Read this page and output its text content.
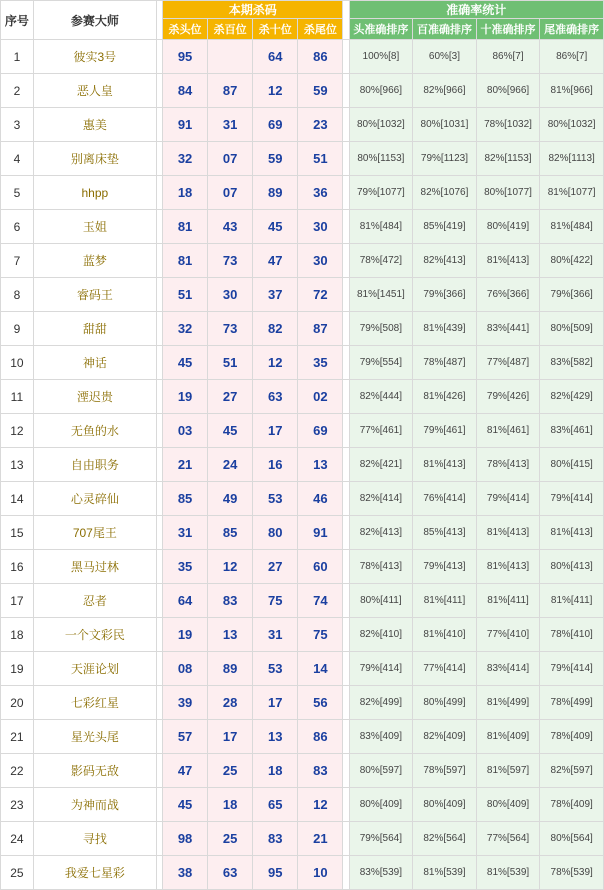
序号	参赛大师		本期杀码					准确率统计			
			杀头位	杀百位	杀十位	杀尾位		头准确排序	百准确排序	十准确排序	尾准确排序
1	彼实3号		95		64	86		100%[8]	60%[3]	86%[7]	86%[7]
2	恶人皇		84	87	12	59		80%[966]	82%[966]	80%[966]	81%[966]
3	惠美		91	31	69	23		80%[1032]	80%[1031]	78%[1032]	80%[1032]
4	别离床垫		32	07	59	51		80%[1153]	79%[1123]	82%[1153]	82%[1113]
5	hhpp		18	07	89	36		79%[1077]	82%[1076]	80%[1077]	81%[1077]
6	玉姐		81	43	45	30		81%[484]	85%[419]	80%[419]	81%[484]
7	蓝梦		81	73	47	30		78%[472]	82%[413]	81%[413]	80%[422]
8	睿码王		51	30	37	72		81%[1451]	79%[366]	76%[366]	79%[366]
9	甜甜		32	73	82	87		79%[508]	81%[439]	83%[441]	80%[509]
10	神话		45	51	12	35		79%[554]	78%[487]	77%[487]	83%[582]
11	湮迟贵		19	27	63	02		82%[444]	81%[426]	79%[426]	82%[429]
12	无鱼的水		03	45	17	69		77%[461]	79%[461]	81%[461]	83%[461]
13	自由职务		21	24	16	13		82%[421]	81%[413]	78%[413]	80%[415]
14	心灵碎仙		85	49	53	46		82%[414]	76%[414]	79%[414]	79%[414]
15	707尾王		31	85	80	91		82%[413]	85%[413]	81%[413]	81%[413]
16	黑马过林		35	12	27	60		78%[413]	79%[413]	81%[413]	80%[413]
17	忍者		64	83	75	74		80%[411]	81%[411]	81%[411]	81%[411]
18	一个文彩民		19	13	31	75		82%[410]	81%[410]	77%[410]	78%[410]
19	天涯论划		08	89	53	14		79%[414]	77%[414]	83%[414]	79%[414]
20	七彩红星		39	28	17	56		82%[499]	80%[499]	81%[499]	78%[499]
21	星光头尾		57	17	13	86		83%[409]	82%[409]	81%[409]	78%[409]
22	影码无敌		47	25	18	83		80%[597]	78%[597]	81%[597]	82%[597]
23	为神而战		45	18	65	12		80%[409]	80%[409]	80%[409]	78%[409]
24	寻找		98	25	83	21		79%[564]	82%[564]	77%[564]	80%[564]
25	我爱七星彩		38	63	95	10		83%[539]	81%[539]	81%[539]	78%[539]
